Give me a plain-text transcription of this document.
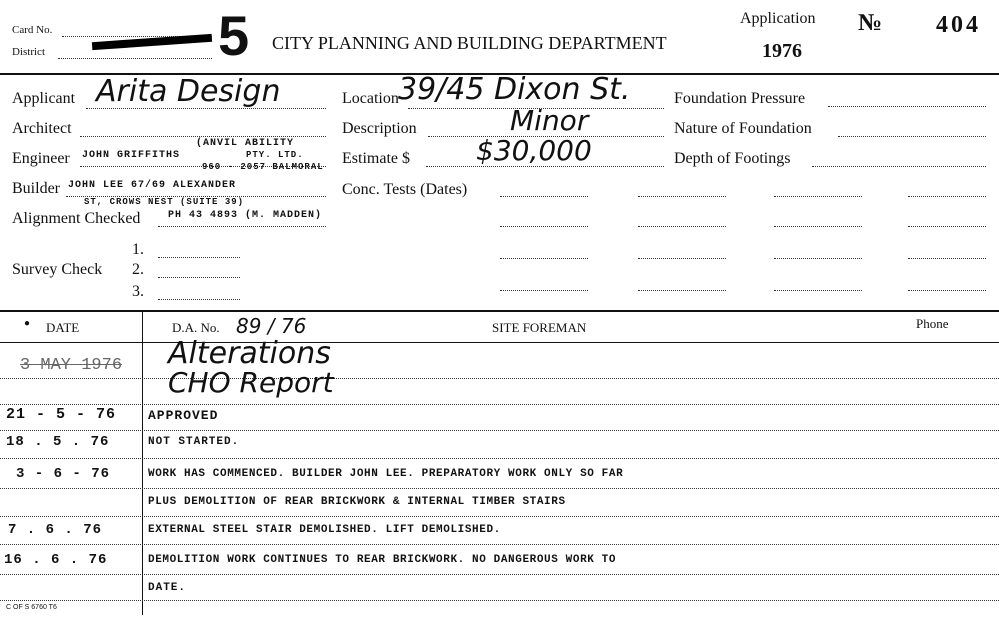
Card No.
District	5 CITY PLANNING AND BUILDING DEPARTMENT
Application
1976
№ 404
Applicant Arita Design
Architect
Engineer JOHN GRIFFITHS
(ANVIL ABILITY
PTY. LTD.
960 - 2057 BALMORAL
Builder JOHN LEE 67/69 ALEXANDER
ST, CROWS NEST (SUITE 39)
Alignment Checked	PH 43 4893 (M. MADDEN)
Survey Check
1.
2.
3.
Location 39/45 Dixon St.
Description	Minor
Estimate $ $30,000
Conc. Tests (Dates)
Foundation Pressure
Nature of Foundation
Depth of Footings
● DATE	D.A. No. 89 / 76	SITE FOREMAN	Phone
3 MAY 1976 Alterations
CHO Report
21 - 5 - 76 APPROVED
18 . 5 . 76	NOT STARTED.
3 - 6 - 76	WORK HAS COMMENCED. BUILDER JOHN LEE. PREPARATORY WORK ONLY SO FAR
PLUS DEMOLITION OF REAR BRICKWORK & INTERNAL TIMBER STAIRS
7 . 6 . 76	EXTERNAL STEEL STAIR DEMOLISHED. LIFT DEMOLISHED.
16 . 6 . 76	DEMOLITION WORK CONTINUES TO REAR BRICKWORK. NO DANGEROUS WORK TO
DATE.
C OF S 6760 T6
